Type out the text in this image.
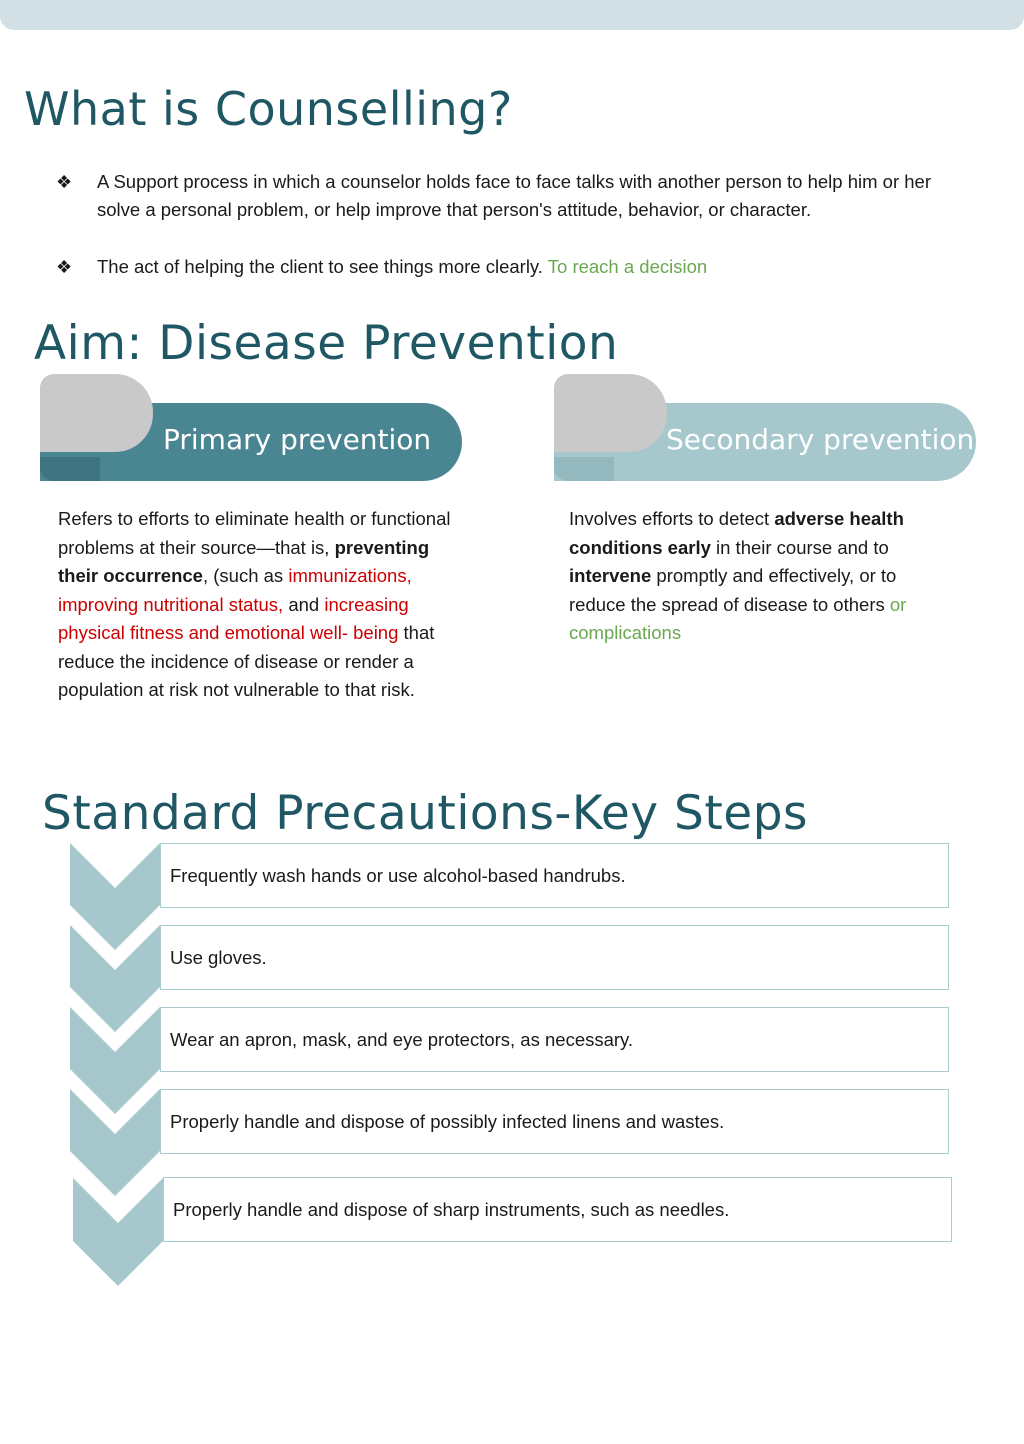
What is Counselling?
❖ A Support process in which a counselor holds face to face talks with another person to help him or her solve a personal problem, or help improve that person's attitude, behavior, or character.
❖ The act of helping the client to see things more clearly. To reach a decision
Aim: Disease Prevention
Primary prevention	Secondary prevention
Refers to efforts to eliminate health or functional problems at their source—that is, preventing their occurrence, (such as immunizations, improving nutritional status, and increasing physical fitness and emotional well- being that reduce the incidence of disease or render a population at risk not vulnerable to that risk.
Involves efforts to detect adverse health conditions early in their course and to intervene promptly and effectively, or to reduce the spread of disease to others or complications
Standard Precautions-Key Steps
Frequently wash hands or use alcohol-based handrubs.
Use gloves.
Wear an apron, mask, and eye protectors, as necessary.
Properly handle and dispose of possibly infected linens and wastes.
Properly handle and dispose of sharp instruments, such as needles.
